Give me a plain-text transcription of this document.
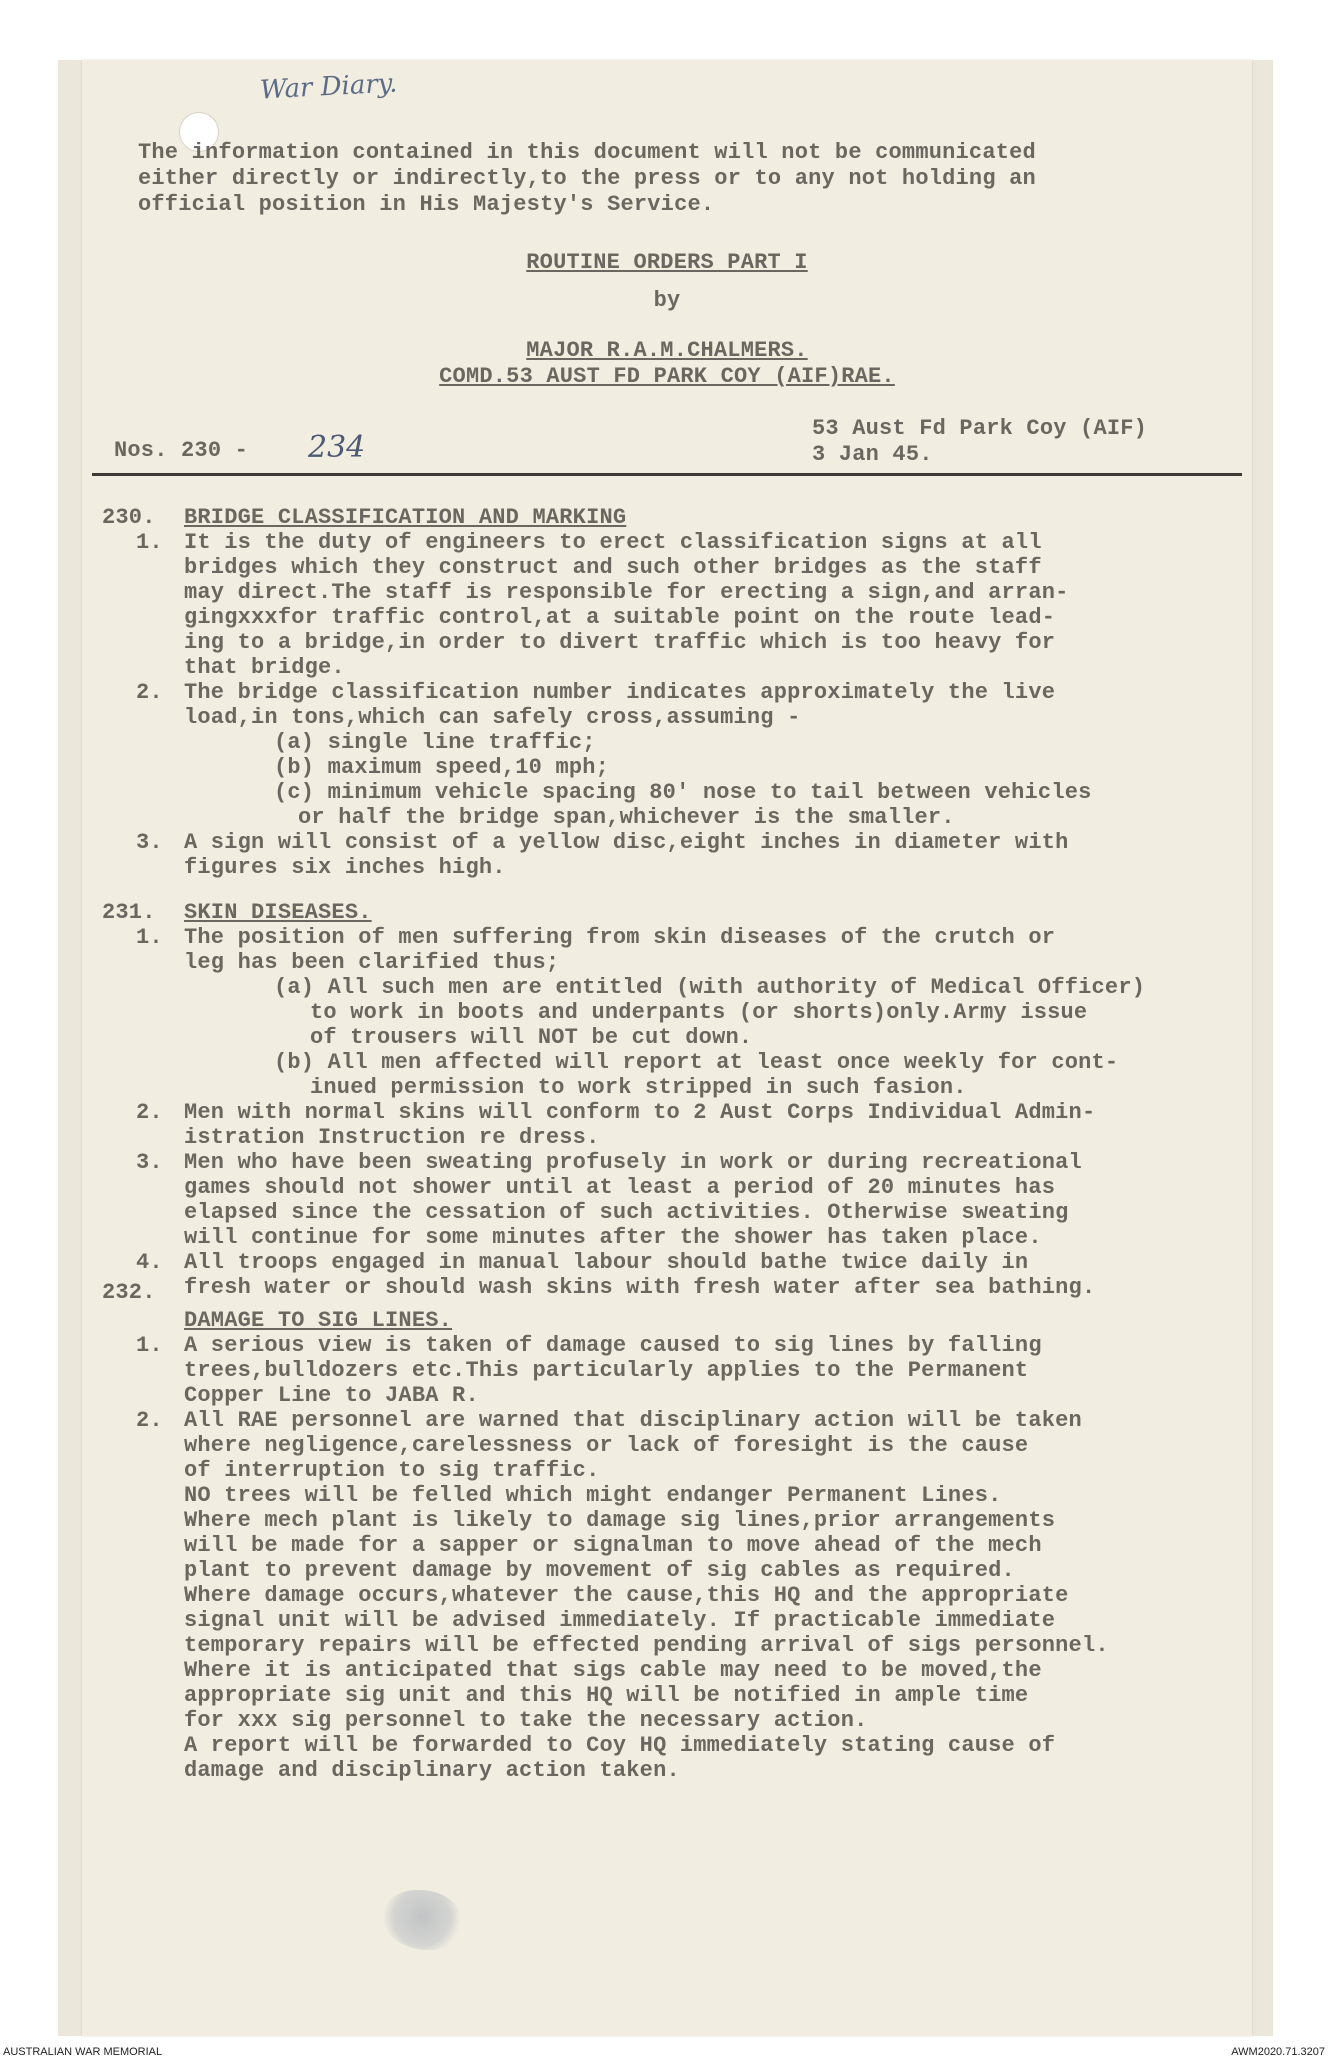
War Diary.
The information contained in this document will not be communicated
either directly or indirectly,to the press or to any not holding an
official position in His Majesty's Service.
ROUTINE ORDERS PART I
by
MAJOR R.A.M.CHALMERS.
COMD.53 AUST FD PARK COY (AIF)RAE.
53 Aust Fd Park Coy (AIF)
3 Jan 45.
Nos. 230 - 234
230. BRIDGE CLASSIFICATION AND MARKING
1. It is the duty of engineers to erect classification signs at all
bridges which they construct and such other bridges as the staff
may direct.The staff is responsible for erecting a sign,and arran-
gingxxxfor traffic control,at a suitable point on the route lead-
ing to a bridge,in order to divert traffic which is too heavy for
that bridge.
2. The bridge classification number indicates approximately the live
load,in tons,which can safely cross,assuming -
(a) single line traffic;
(b) maximum speed,10 mph;
(c) minimum vehicle spacing 80' nose to tail between vehicles
or half the bridge span,whichever is the smaller.
3. A sign will consist of a yellow disc,eight inches in diameter with
figures six inches high.
231. SKIN DISEASES.
1. The position of men suffering from skin diseases of the crutch or
leg has been clarified thus;
(a) All such men are entitled (with authority of Medical Officer)
to work in boots and underpants (or shorts)only.Army issue
of trousers will NOT be cut down.
(b) All men affected will report at least once weekly for cont-
inued permission to work stripped in such fasion.
2. Men with normal skins will conform to 2 Aust Corps Individual Admin-
istration Instruction re dress.
3. Men who have been sweating profusely in work or during recreational
games should not shower until at least a period of 20 minutes has
elapsed since the cessation of such activities. Otherwise sweating
will continue for some minutes after the shower has taken place.
4. All troops engaged in manual labour should bathe twice daily in
fresh water or should wash skins with fresh water after sea bathing.
232.
DAMAGE TO SIG LINES.
1. A serious view is taken of damage caused to sig lines by falling
trees,bulldozers etc.This particularly applies to the Permanent
Copper Line to JABA R.
2. All RAE personnel are warned that disciplinary action will be taken
where negligence,carelessness or lack of foresight is the cause
of interruption to sig traffic.
NO trees will be felled which might endanger Permanent Lines.
Where mech plant is likely to damage sig lines,prior arrangements
will be made for a sapper or signalman to move ahead of the mech
plant to prevent damage by movement of sig cables as required.
Where damage occurs,whatever the cause,this HQ and the appropriate
signal unit will be advised immediately. If practicable immediate
temporary repairs will be effected pending arrival of sigs personnel.
Where it is anticipated that sigs cable may need to be moved,the
appropriate sig unit and this HQ will be notified in ample time
for xxx sig personnel to take the necessary action.
A report will be forwarded to Coy HQ immediately stating cause of
damage and disciplinary action taken.
AUSTRALIAN WAR MEMORIAL	AWM2020.71.3207
